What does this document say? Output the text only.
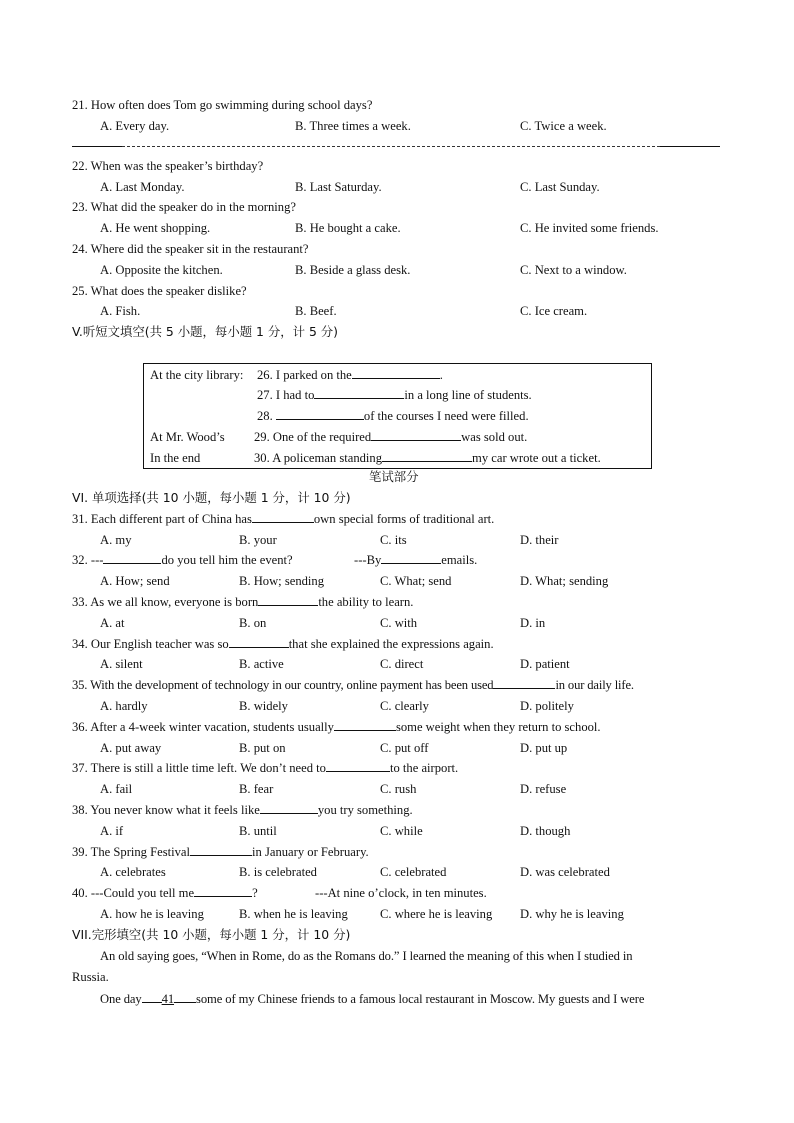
21. How often does Tom go swimming during school days?
A. Every day.	B. Three times a week.	C. Twice a week.
22. When was the speaker’s birthday?
A. Last Monday.	B. Last Saturday.	C. Last Sunday.
23. What did the speaker do in the morning?
A. He went shopping.	B. He bought a cake.	C. He invited some friends.
24. Where did the speaker sit in the restaurant?
A. Opposite the kitchen.	B. Beside a glass desk.	C. Next to a window.
25. What does the speaker dislike?
A. Fish.	B. Beef.	C. Ice cream.
V.听短文填空(共 5 小题，每小题 1 分，计 5 分)
At the city library: 26. I parked on the	.
27. I had to	in a long line of students.
28.	of the courses I need were filled.
At Mr. Wood’s 29. One of the required	was sold out.
In the end	30. A policeman standing	my car wrote out a ticket.
笔试部分
VI. 单项选择(共 10 小题，每小题 1 分，计 10 分)
31. Each different part of China has	own special forms of traditional art.
A. my	B. your	C. its	D. their
32. ---	do you tell him the event?	---By	emails.
A. How; send	B. How; sending	C. What; send	D. What; sending
33. As we all know, everyone is born	the ability to learn.
A. at	B. on	C. with	D. in
34. Our English teacher was so	that she explained the expressions again.
A. silent	B. active	C. direct	D. patient
35. With the development of technology in our country, online payment has been used	in our daily life.
A. hardly	B. widely	C. clearly	D. politely
36. After a 4-week winter vacation, students usually	some weight when they return to school.
A. put away	B. put on	C. put off	D. put up
37. There is still a little time left. We don’t need to	to the airport.
A. fail	B. fear	C. rush	D. refuse
38. You never know what it feels like	you try something.
A. if	B. until	C. while	D. though
39. The Spring Festival	in January or February.
A. celebrates	B. is celebrated	C. celebrated	D. was celebrated
40. ---Could you tell me	?	---At nine o’clock, in ten minutes.
A. how he is leaving	B. when he is leaving	C. where he is leaving D. why he is leaving
VII.完形填空(共 10 小题，每小题 1 分，计 10 分)
An old saying goes, “When in Rome, do as the Romans do.” I learned the meaning of this when I studied in
Russia.
One day 41 some of my Chinese friends to a famous local restaurant in Moscow. My guests and I were
